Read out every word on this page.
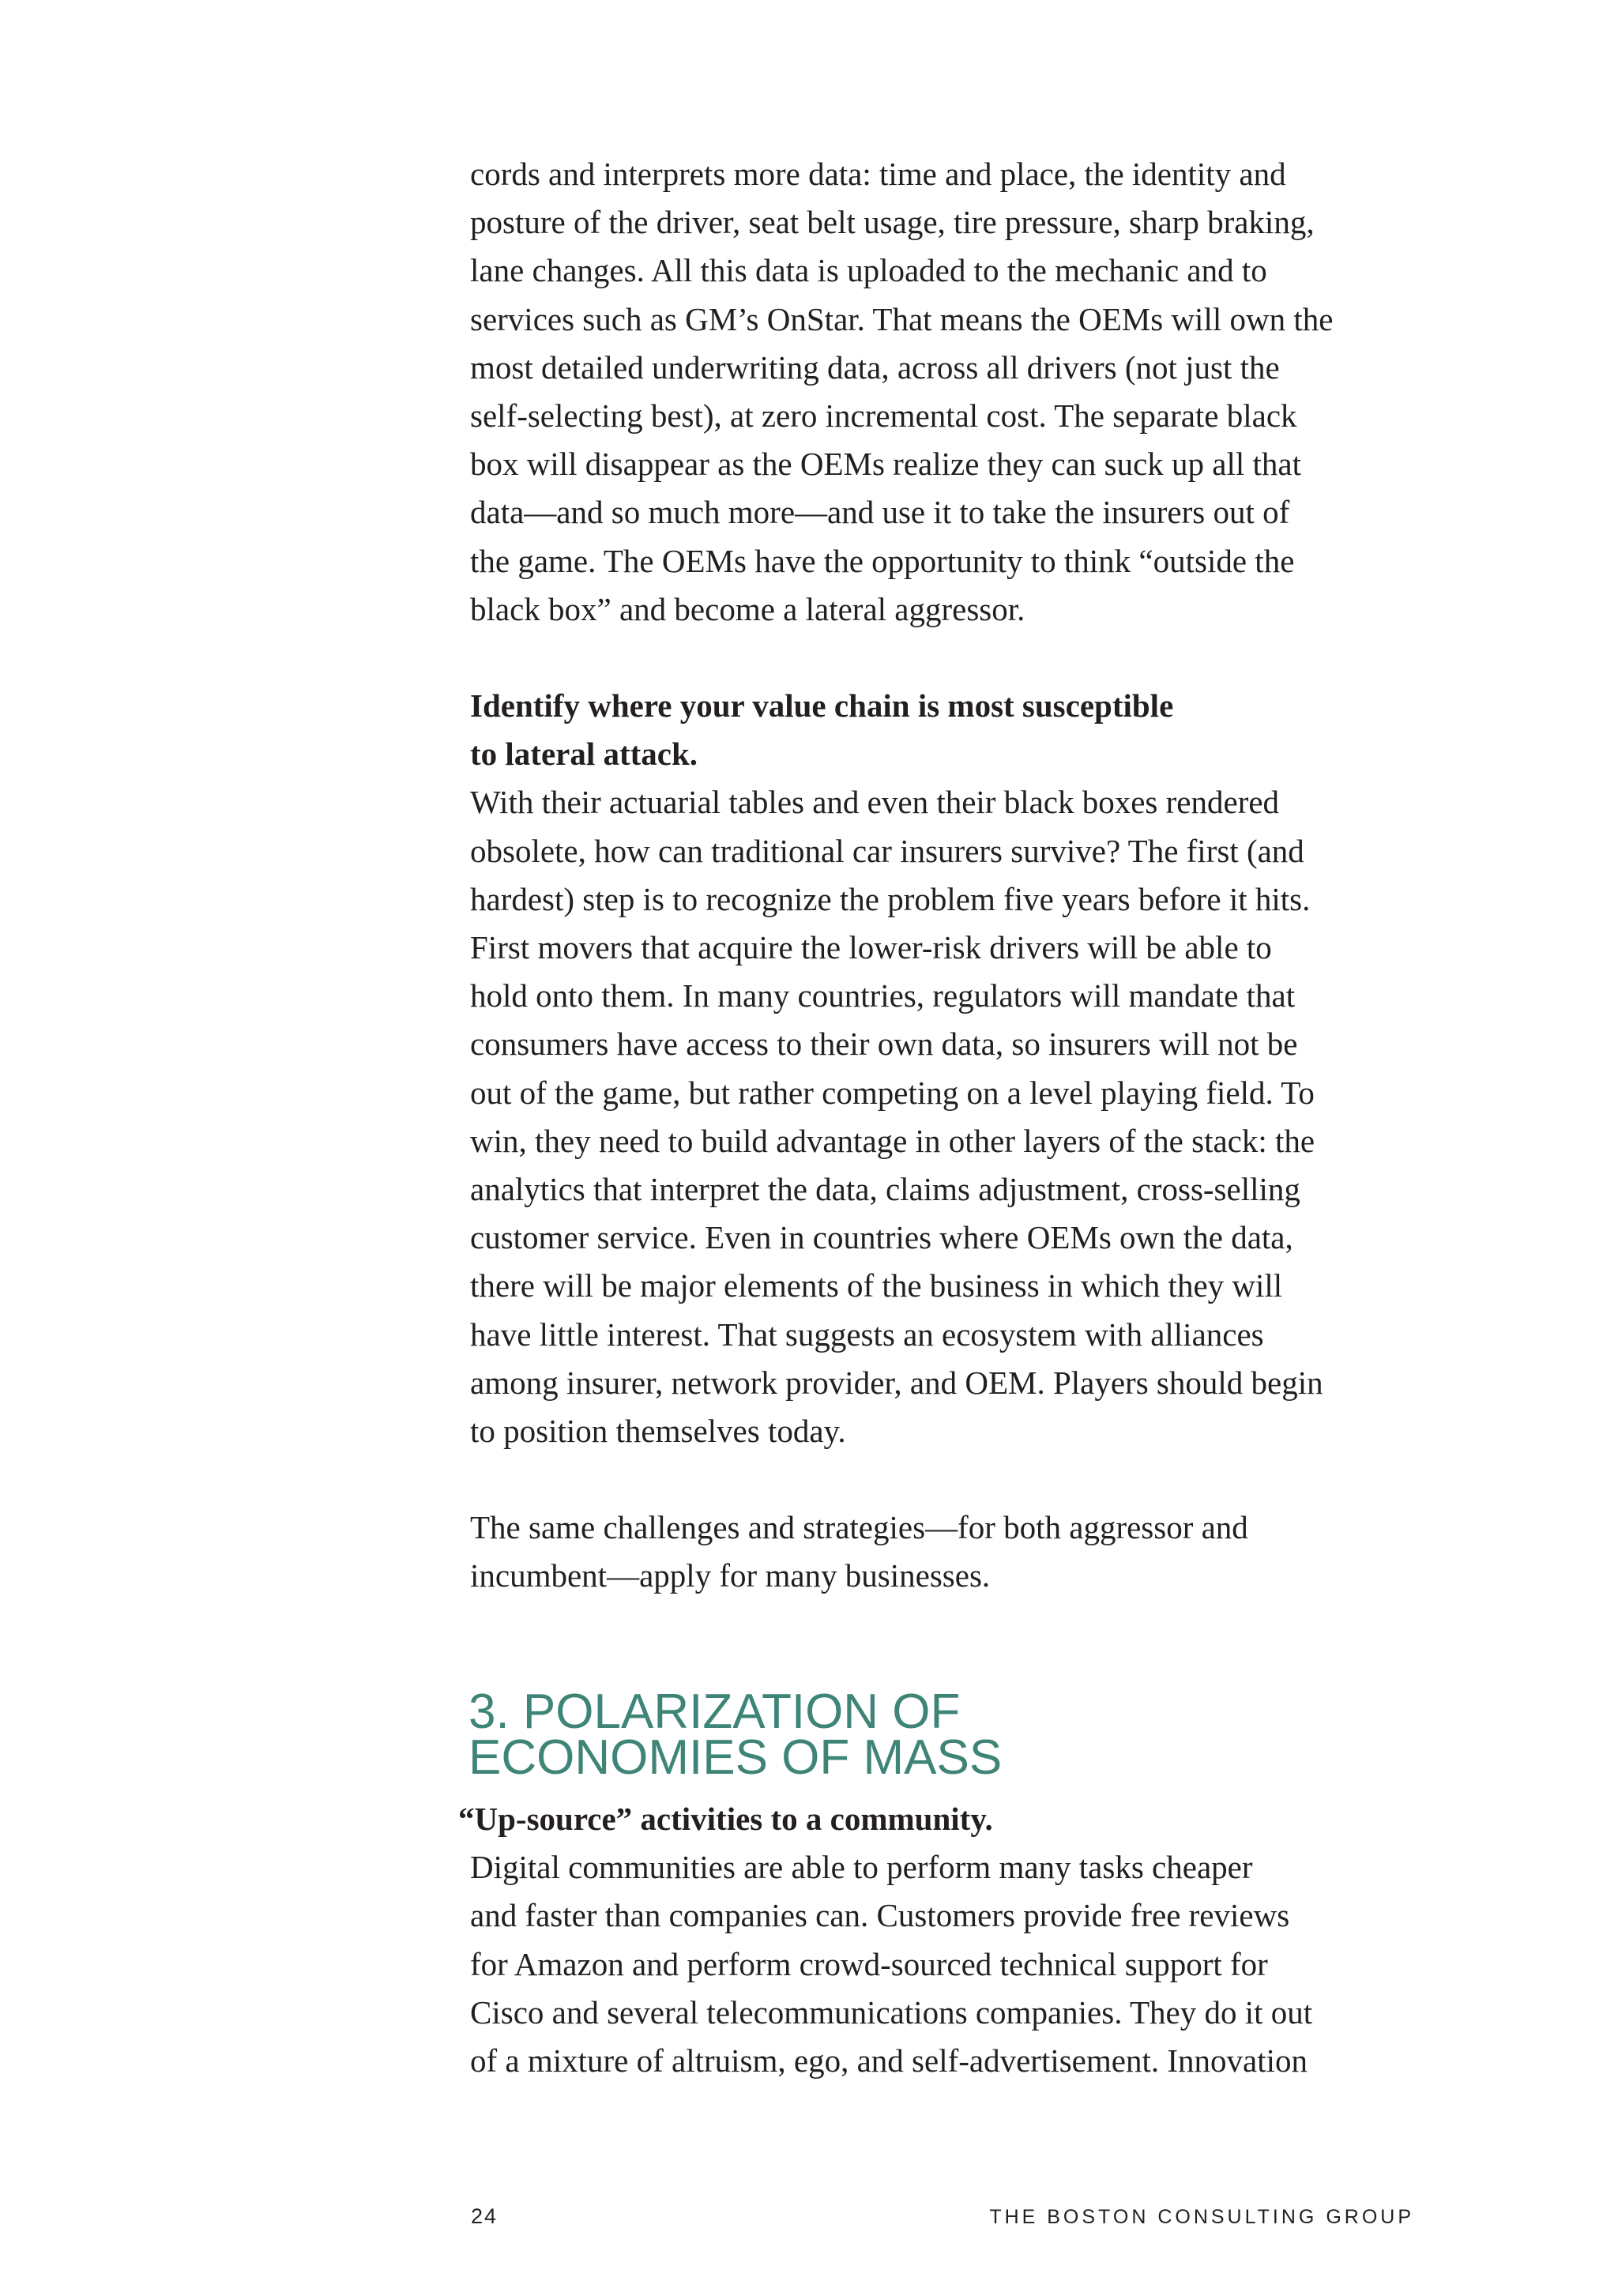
cords and interprets more data: time and place, the identity and
posture of the driver, seat belt usage, tire pressure, sharp braking,
lane changes. All this data is uploaded to the mechanic and to
services such as GM’s OnStar. That means the OEMs will own the
most detailed underwriting data, across all drivers (not just the
self-selecting best), at zero incremental cost. The separate black
box will disappear as the OEMs realize they can suck up all that
data—and so much more—and use it to take the insurers out of
the game. The OEMs have the opportunity to think “outside the
black box” and become a lateral aggressor.

Identify where your value chain is most susceptible
to lateral attack.

With their actuarial tables and even their black boxes rendered
obsolete, how can traditional car insurers survive? The first (and
hardest) step is to recognize the problem five years before it hits.
First movers that acquire the lower-risk drivers will be able to
hold onto them. In many countries, regulators will mandate that
consumers have access to their own data, so insurers will not be
out of the game, but rather competing on a level playing field. To
win, they need to build advantage in other layers of the stack: the
analytics that interpret the data, claims adjustment, cross-selling
customer service. Even in countries where OEMs own the data,
there will be major elements of the business in which they will
have little interest. That suggests an ecosystem with alliances
among insurer, network provider, and OEM. Players should begin
to position themselves today.

The same challenges and strategies—for both aggressor and
incumbent—apply for many businesses.

3. POLARIZATION OF
ECONOMIES OF MASS

“Up-source” activities to a community.

Digital communities are able to perform many tasks cheaper
and faster than companies can. Customers provide free reviews
for Amazon and perform crowd-sourced technical support for
Cisco and several telecommunications companies. They do it out
of a mixture of altruism, ego, and self-advertisement. Innovation

24	THE BOSTON CONSULTING GROUP
